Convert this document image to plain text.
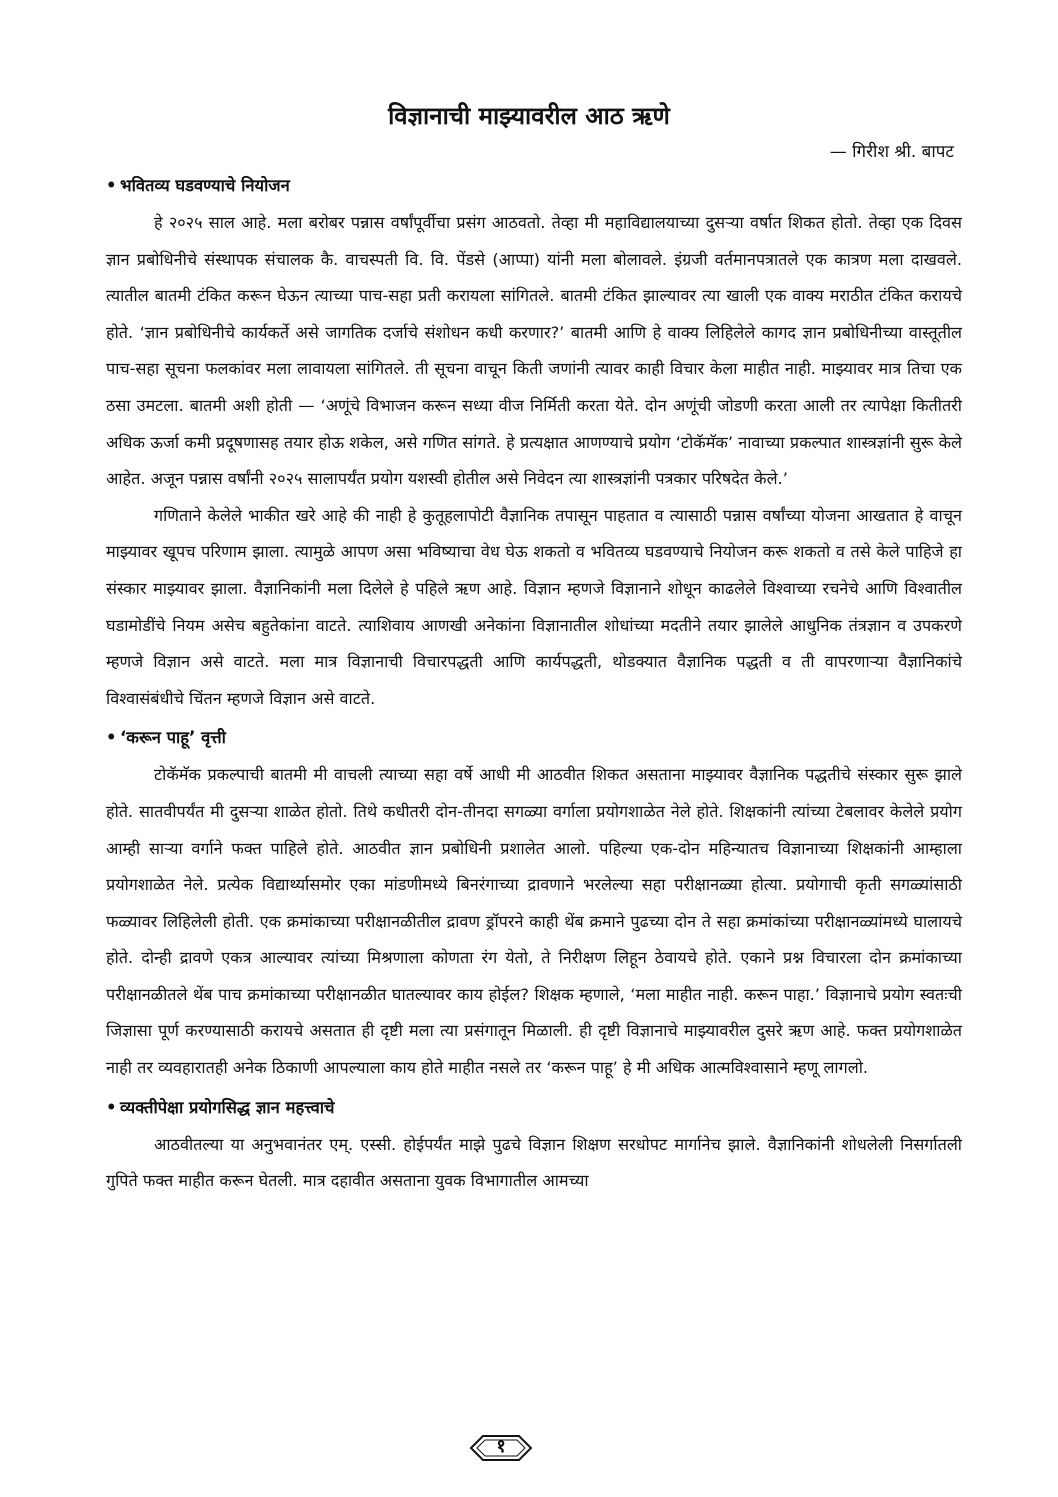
विज्ञानाची माझ्यावरील आठ ऋणे
— गिरीश श्री. बापट
• भवितव्य घडवण्याचे नियोजन

हे २०२५ साल आहे. मला बरोबर पन्नास वर्षांपूर्वीचा प्रसंग आठवतो. तेव्हा मी महाविद्यालयाच्या दुसऱ्या वर्षात शिकत होतो. तेव्हा एक दिवस ज्ञान प्रबोधिनीचे संस्थापक संचालक कै. वाचस्पती वि. वि. पेंडसे (आप्पा) यांनी मला बोलावले. इंग्रजी वर्तमानपत्रातले एक कात्रण मला दाखवले. त्यातील बातमी टंकित करून घेऊन त्याच्या पाच-सहा प्रती करायला सांगितले. बातमी टंकित झाल्यावर त्या खाली एक वाक्य मराठीत टंकित करायचे होते. ‘ज्ञान प्रबोधिनीचे कार्यकर्ते असे जागतिक दर्जाचे संशोधन कधी करणार?’ बातमी आणि हे वाक्य लिहिलेले कागद ज्ञान प्रबोधिनीच्या वास्तूतील पाच-सहा सूचना फलकांवर मला लावायला सांगितले. ती सूचना वाचून किती जणांनी त्यावर काही विचार केला माहीत नाही. माझ्यावर मात्र तिचा एक ठसा उमटला. बातमी अशी होती — ‘अणूंचे विभाजन करून सध्या वीज निर्मिती करता येते. दोन अणूंची जोडणी करता आली तर त्यापेक्षा कितीतरी अधिक ऊर्जा कमी प्रदूषणासह तयार होऊ शकेल, असे गणित सांगते. हे प्रत्यक्षात आणण्याचे प्रयोग ‘टोकॅमॅक’ नावाच्या प्रकल्पात शास्त्रज्ञांनी सुरू केले आहेत. अजून पन्नास वर्षांनी २०२५ सालापर्यंत प्रयोग यशस्वी होतील असे निवेदन त्या शास्त्रज्ञांनी पत्रकार परिषदेत केले.’

गणिताने केलेले भाकीत खरे आहे की नाही हे कुतूहलापोटी वैज्ञानिक तपासून पाहतात व त्यासाठी पन्नास वर्षांच्या योजना आखतात हे वाचून माझ्यावर खूपच परिणाम झाला. त्यामुळे आपण असा भविष्याचा वेध घेऊ शकतो व भवितव्य घडवण्याचे नियोजन करू शकतो व तसे केले पाहिजे हा संस्कार माझ्यावर झाला. वैज्ञानिकांनी मला दिलेले हे पहिले ऋण आहे. विज्ञान म्हणजे विज्ञानाने शोधून काढलेले विश्वाच्या रचनेचे आणि विश्वातील घडामोडींचे नियम असेच बहुतेकांना वाटते. त्याशिवाय आणखी अनेकांना विज्ञानातील शोधांच्या मदतीने तयार झालेले आधुनिक तंत्रज्ञान व उपकरणे म्हणजे विज्ञान असे वाटते. मला मात्र विज्ञानाची विचारपद्धती आणि कार्यपद्धती, थोडक्यात वैज्ञानिक पद्धती व ती वापरणाऱ्या वैज्ञानिकांचे विश्वासंबंधीचे चिंतन म्हणजे विज्ञान असे वाटते.

• ‘करून पाहू’ वृत्ती

टोकॅमॅक प्रकल्पाची बातमी मी वाचली त्याच्या सहा वर्षे आधी मी आठवीत शिकत असताना माझ्यावर वैज्ञानिक पद्धतीचे संस्कार सुरू झाले होते. सातवीपर्यंत मी दुसऱ्या शाळेत होतो. तिथे कधीतरी दोन-तीनदा सगळ्या वर्गाला प्रयोगशाळेत नेले होते. शिक्षकांनी त्यांच्या टेबलावर केलेले प्रयोग आम्ही साऱ्या वर्गाने फक्त पाहिले होते. आठवीत ज्ञान प्रबोधिनी प्रशालेत आलो. पहिल्या एक-दोन महिन्यातच विज्ञानाच्या शिक्षकांनी आम्हाला प्रयोगशाळेत नेले. प्रत्येक विद्यार्थ्यासमोर एका मांडणीमध्ये बिनरंगाच्या द्रावणाने भरलेल्या सहा परीक्षानळ्या होत्या. प्रयोगाची कृती सगळ्यांसाठी फळ्यावर लिहिलेली होती. एक क्रमांकाच्या परीक्षानळीतील द्रावण ड्रॉपरने काही थेंब क्रमाने पुढच्या दोन ते सहा क्रमांकांच्या परीक्षानळ्यांमध्ये घालायचे होते. दोन्ही द्रावणे एकत्र आल्यावर त्यांच्या मिश्रणाला कोणता रंग येतो, ते निरीक्षण लिहून ठेवायचे होते. एकाने प्रश्न विचारला दोन क्रमांकाच्या परीक्षानळीतले थेंब पाच क्रमांकाच्या परीक्षानळीत घातल्यावर काय होईल? शिक्षक म्हणाले, ‘मला माहीत नाही. करून पाहा.’ विज्ञानाचे प्रयोग स्वतःची जिज्ञासा पूर्ण करण्यासाठी करायचे असतात ही दृष्टी मला त्या प्रसंगातून मिळाली. ही दृष्टी विज्ञानाचे माझ्यावरील दुसरे ऋण आहे. फक्त प्रयोगशाळेत नाही तर व्यवहारातही अनेक ठिकाणी आपल्याला काय होते माहीत नसले तर ‘करून पाहू’ हे मी अधिक आत्मविश्वासाने म्हणू लागलो.

• व्यक्तीपेक्षा प्रयोगसिद्ध ज्ञान महत्त्वाचे

आठवीतल्या या अनुभवानंतर एम्. एस्सी. होईपर्यंत माझे पुढचे विज्ञान शिक्षण सरधोपट मार्गानेच झाले. वैज्ञानिकांनी शोधलेली निसर्गातली गुपिते फक्त माहीत करून घेतली. मात्र दहावीत असताना युवक विभागातील आमच्या

१
